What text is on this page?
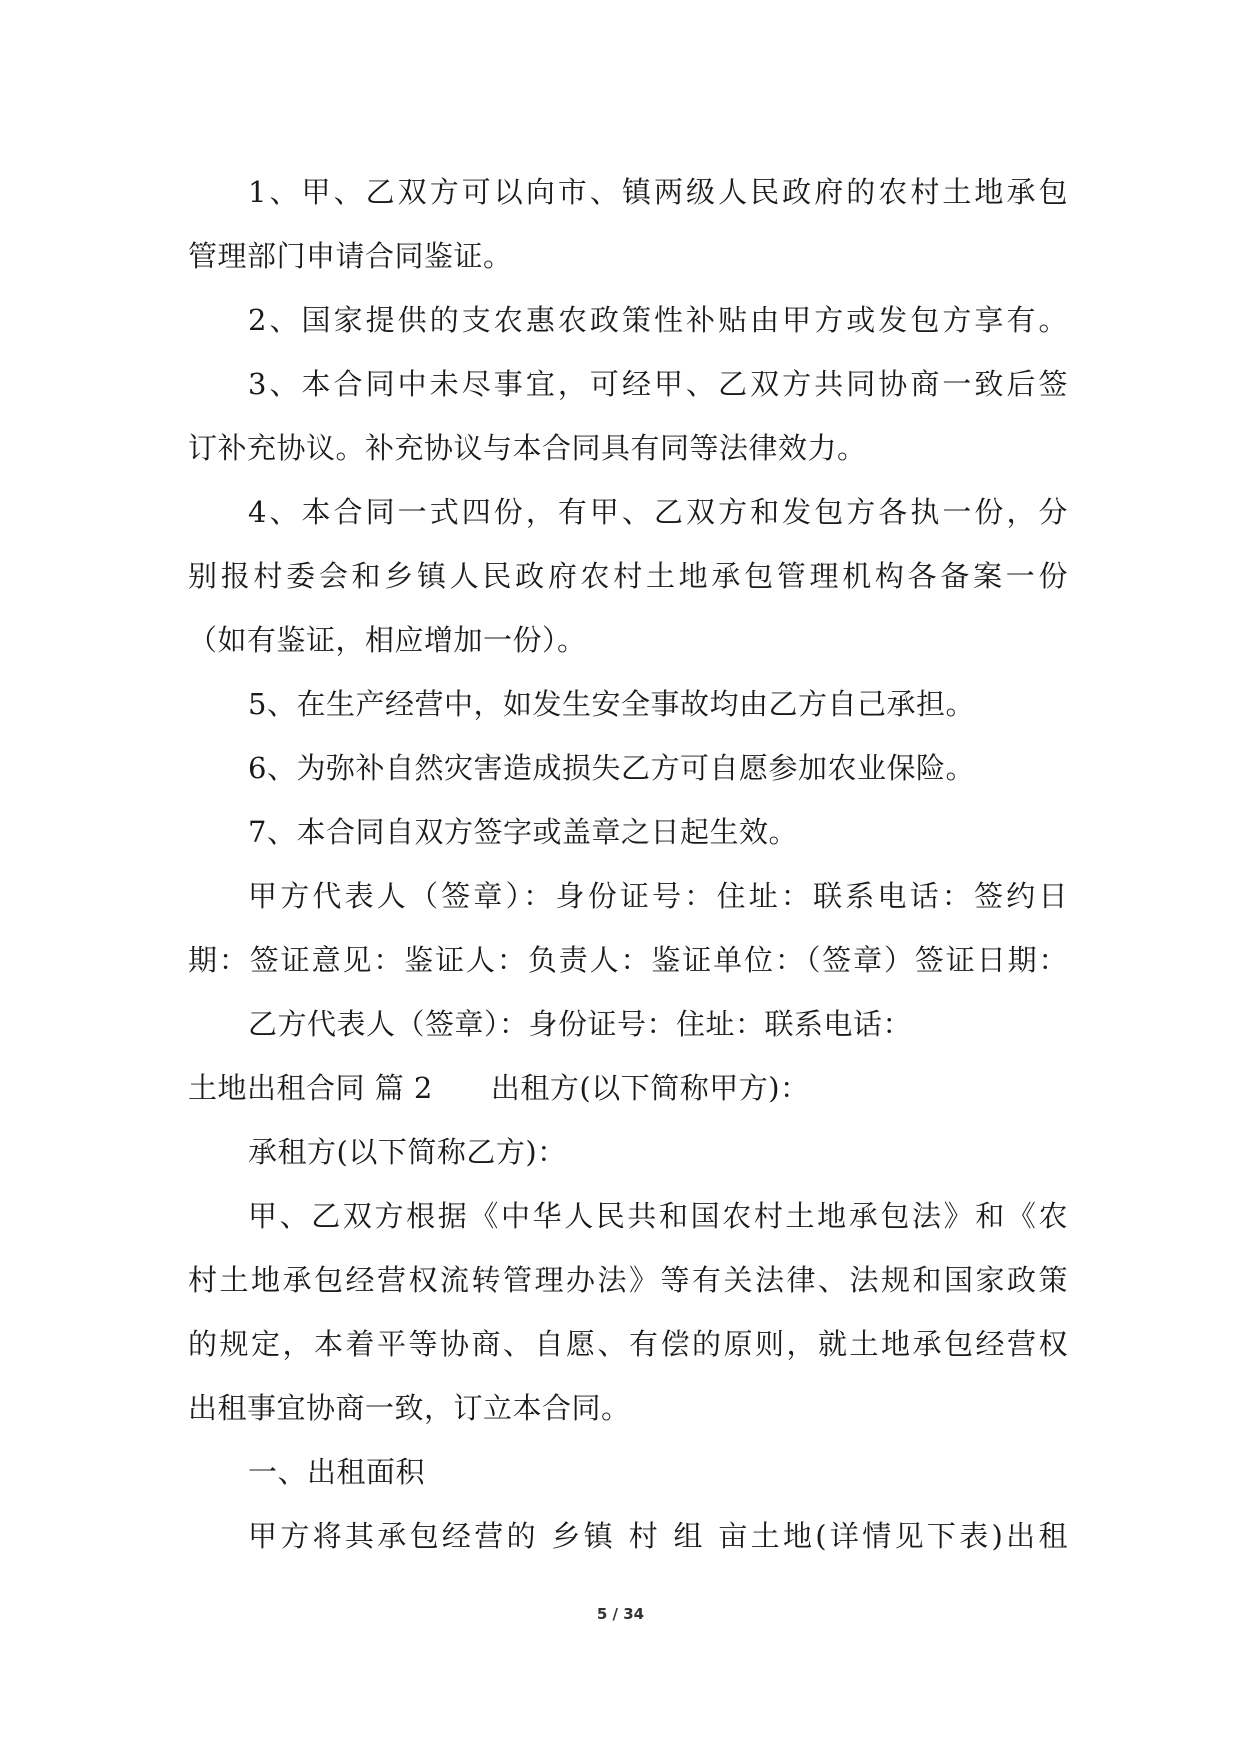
1、甲、乙双方可以向市、镇两级人民政府的农村土地承包
管理部门申请合同鉴证。
2、国家提供的支农惠农政策性补贴由甲方或发包方享有。
3、本合同中未尽事宜，可经甲、乙双方共同协商一致后签
订补充协议。补充协议与本合同具有同等法律效力。
4、本合同一式四份，有甲、乙双方和发包方各执一份，分
别报村委会和乡镇人民政府农村土地承包管理机构各备案一份
（如有鉴证，相应增加一份）。
5、在生产经营中，如发生安全事故均由乙方自己承担。
6、为弥补自然灾害造成损失乙方可自愿参加农业保险。
7、本合同自双方签字或盖章之日起生效。
甲方代表人（签章）：身份证号：住址：联系电话：签约日
期：签证意见：鉴证人：负责人：鉴证单位：（签章）签证日期：
乙方代表人（签章）：身份证号：住址：联系电话：
土地出租合同 篇 2 出租方(以下简称甲方)：
承租方(以下简称乙方)：
甲、乙双方根据《中华人民共和国农村土地承包法》和《农
村土地承包经营权流转管理办法》等有关法律、法规和国家政策
的规定，本着平等协商、自愿、有偿的原则，就土地承包经营权
出租事宜协商一致，订立本合同。
一、出租面积
甲方将其承包经营的 乡镇 村 组 亩土地(详情见下表)出租
5 / 34
